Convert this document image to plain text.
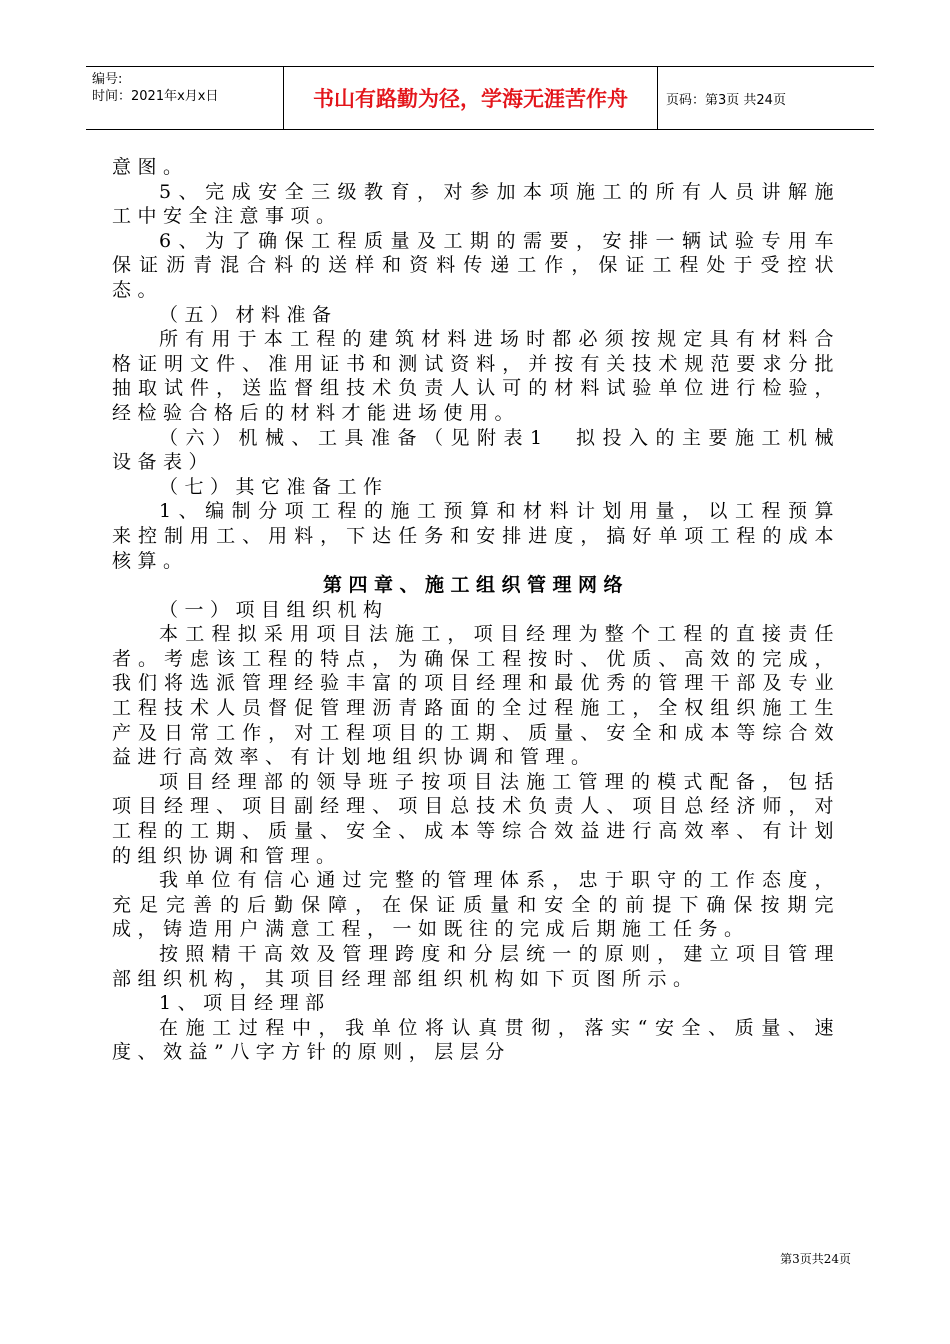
编号:
时间：2021年x月x日	书山有路勤为径，学海无涯苦作舟	页码：第3页 共24页

意图。

5、完成安全三级教育，对参加本项施工的所有人员讲解施工中安全注意事项。

6、为了确保工程质量及工期的需要，安排一辆试验专用车保证沥青混合料的送样和资料传递工作，保证工程处于受控状态。

（五）材料准备

所有用于本工程的建筑材料进场时都必须按规定具有材料合格证明文件、准用证书和测试资料，并按有关技术规范要求分批抽取试件，送监督组技术负责人认可的材料试验单位进行检验，经检验合格后的材料才能进场使用。

（六）机械、工具准备（见附表1　拟投入的主要施工机械设备表）

（七）其它准备工作

1、编制分项工程的施工预算和材料计划用量，以工程预算来控制用工、用料，下达任务和安排进度，搞好单项工程的成本核算。

第四章、施工组织管理网络

（一）项目组织机构

本工程拟采用项目法施工，项目经理为整个工程的直接责任者。考虑该工程的特点，为确保工程按时、优质、高效的完成，我们将选派管理经验丰富的项目经理和最优秀的管理干部及专业工程技术人员督促管理沥青路面的全过程施工，全权组织施工生产及日常工作，对工程项目的工期、质量、安全和成本等综合效益进行高效率、有计划地组织协调和管理。

项目经理部的领导班子按项目法施工管理的模式配备，包括项目经理、项目副经理、项目总技术负责人、项目总经济师，对工程的工期、质量、安全、成本等综合效益进行高效率、有计划的组织协调和管理。

我单位有信心通过完整的管理体系，忠于职守的工作态度，充足完善的后勤保障，在保证质量和安全的前提下确保按期完成，铸造用户满意工程，一如既往的完成后期施工任务。

按照精干高效及管理跨度和分层统一的原则，建立项目管理部组织机构，其项目经理部组织机构如下页图所示。

1、项目经理部

在施工过程中，我单位将认真贯彻，落实“安全、质量、速度、效益”八字方针的原则，层层分

第3页共24页
